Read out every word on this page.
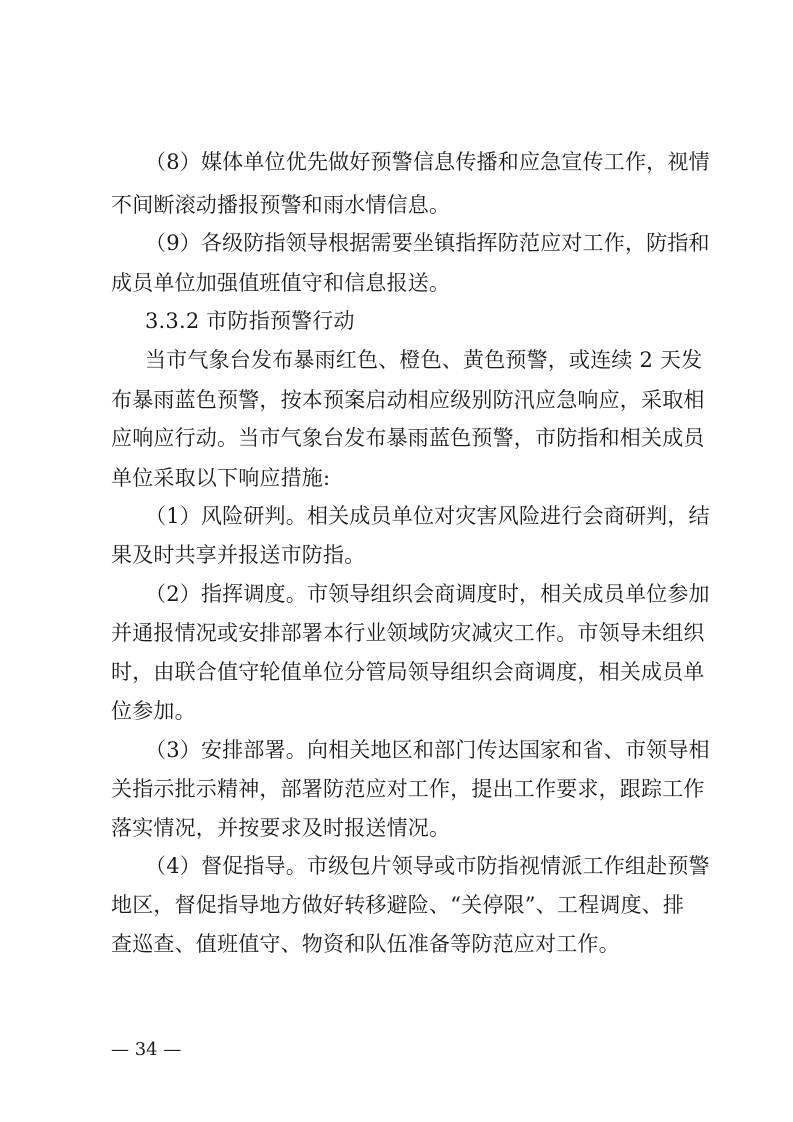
（8）媒体单位优先做好预警信息传播和应急宣传工作，视情
不间断滚动播报预警和雨水情信息。
（9）各级防指领导根据需要坐镇指挥防范应对工作，防指和
成员单位加强值班值守和信息报送。
3.3.2 市防指预警行动
当市气象台发布暴雨红色、橙色、黄色预警，或连续 2 天发
布暴雨蓝色预警，按本预案启动相应级别防汛应急响应，采取相
应响应行动。当市气象台发布暴雨蓝色预警，市防指和相关成员
单位采取以下响应措施:
（1）风险研判。相关成员单位对灾害风险进行会商研判，结
果及时共享并报送市防指。
（2）指挥调度。市领导组织会商调度时，相关成员单位参加
并通报情况或安排部署本行业领域防灾减灾工作。市领导未组织
时，由联合值守轮值单位分管局领导组织会商调度，相关成员单
位参加。
（3）安排部署。向相关地区和部门传达国家和省、市领导相
关指示批示精神，部署防范应对工作，提出工作要求，跟踪工作
落实情况，并按要求及时报送情况。
（4）督促指导。市级包片领导或市防指视情派工作组赴预警
地区，督促指导地方做好转移避险、“关停限”、工程调度、排
查巡查、值班值守、物资和队伍准备等防范应对工作。
— 34 —
